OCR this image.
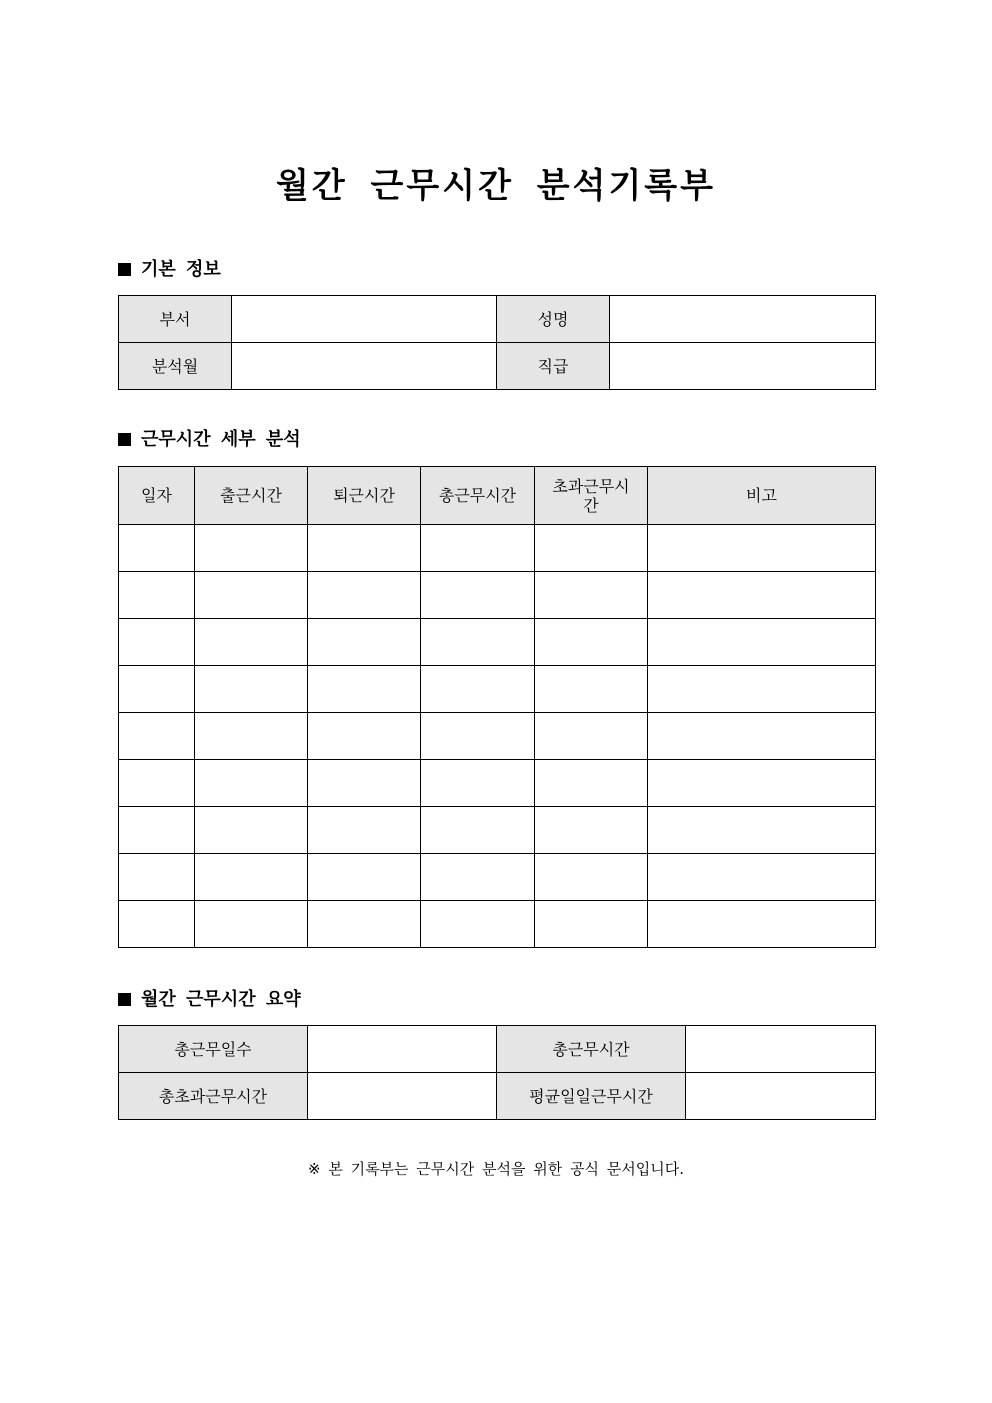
월간 근무시간 분석기록부
기본 정보
부서		성명	
분석월		직급	
근무시간 세부 분석
일자	출근시간	퇴근시간	총근무시간	초과근무시간	비고

월간 근무시간 요약
총근무일수		총근무시간	
총초과근무시간		평균일일근무시간	
※ 본 기록부는 근무시간 분석을 위한 공식 문서입니다.
